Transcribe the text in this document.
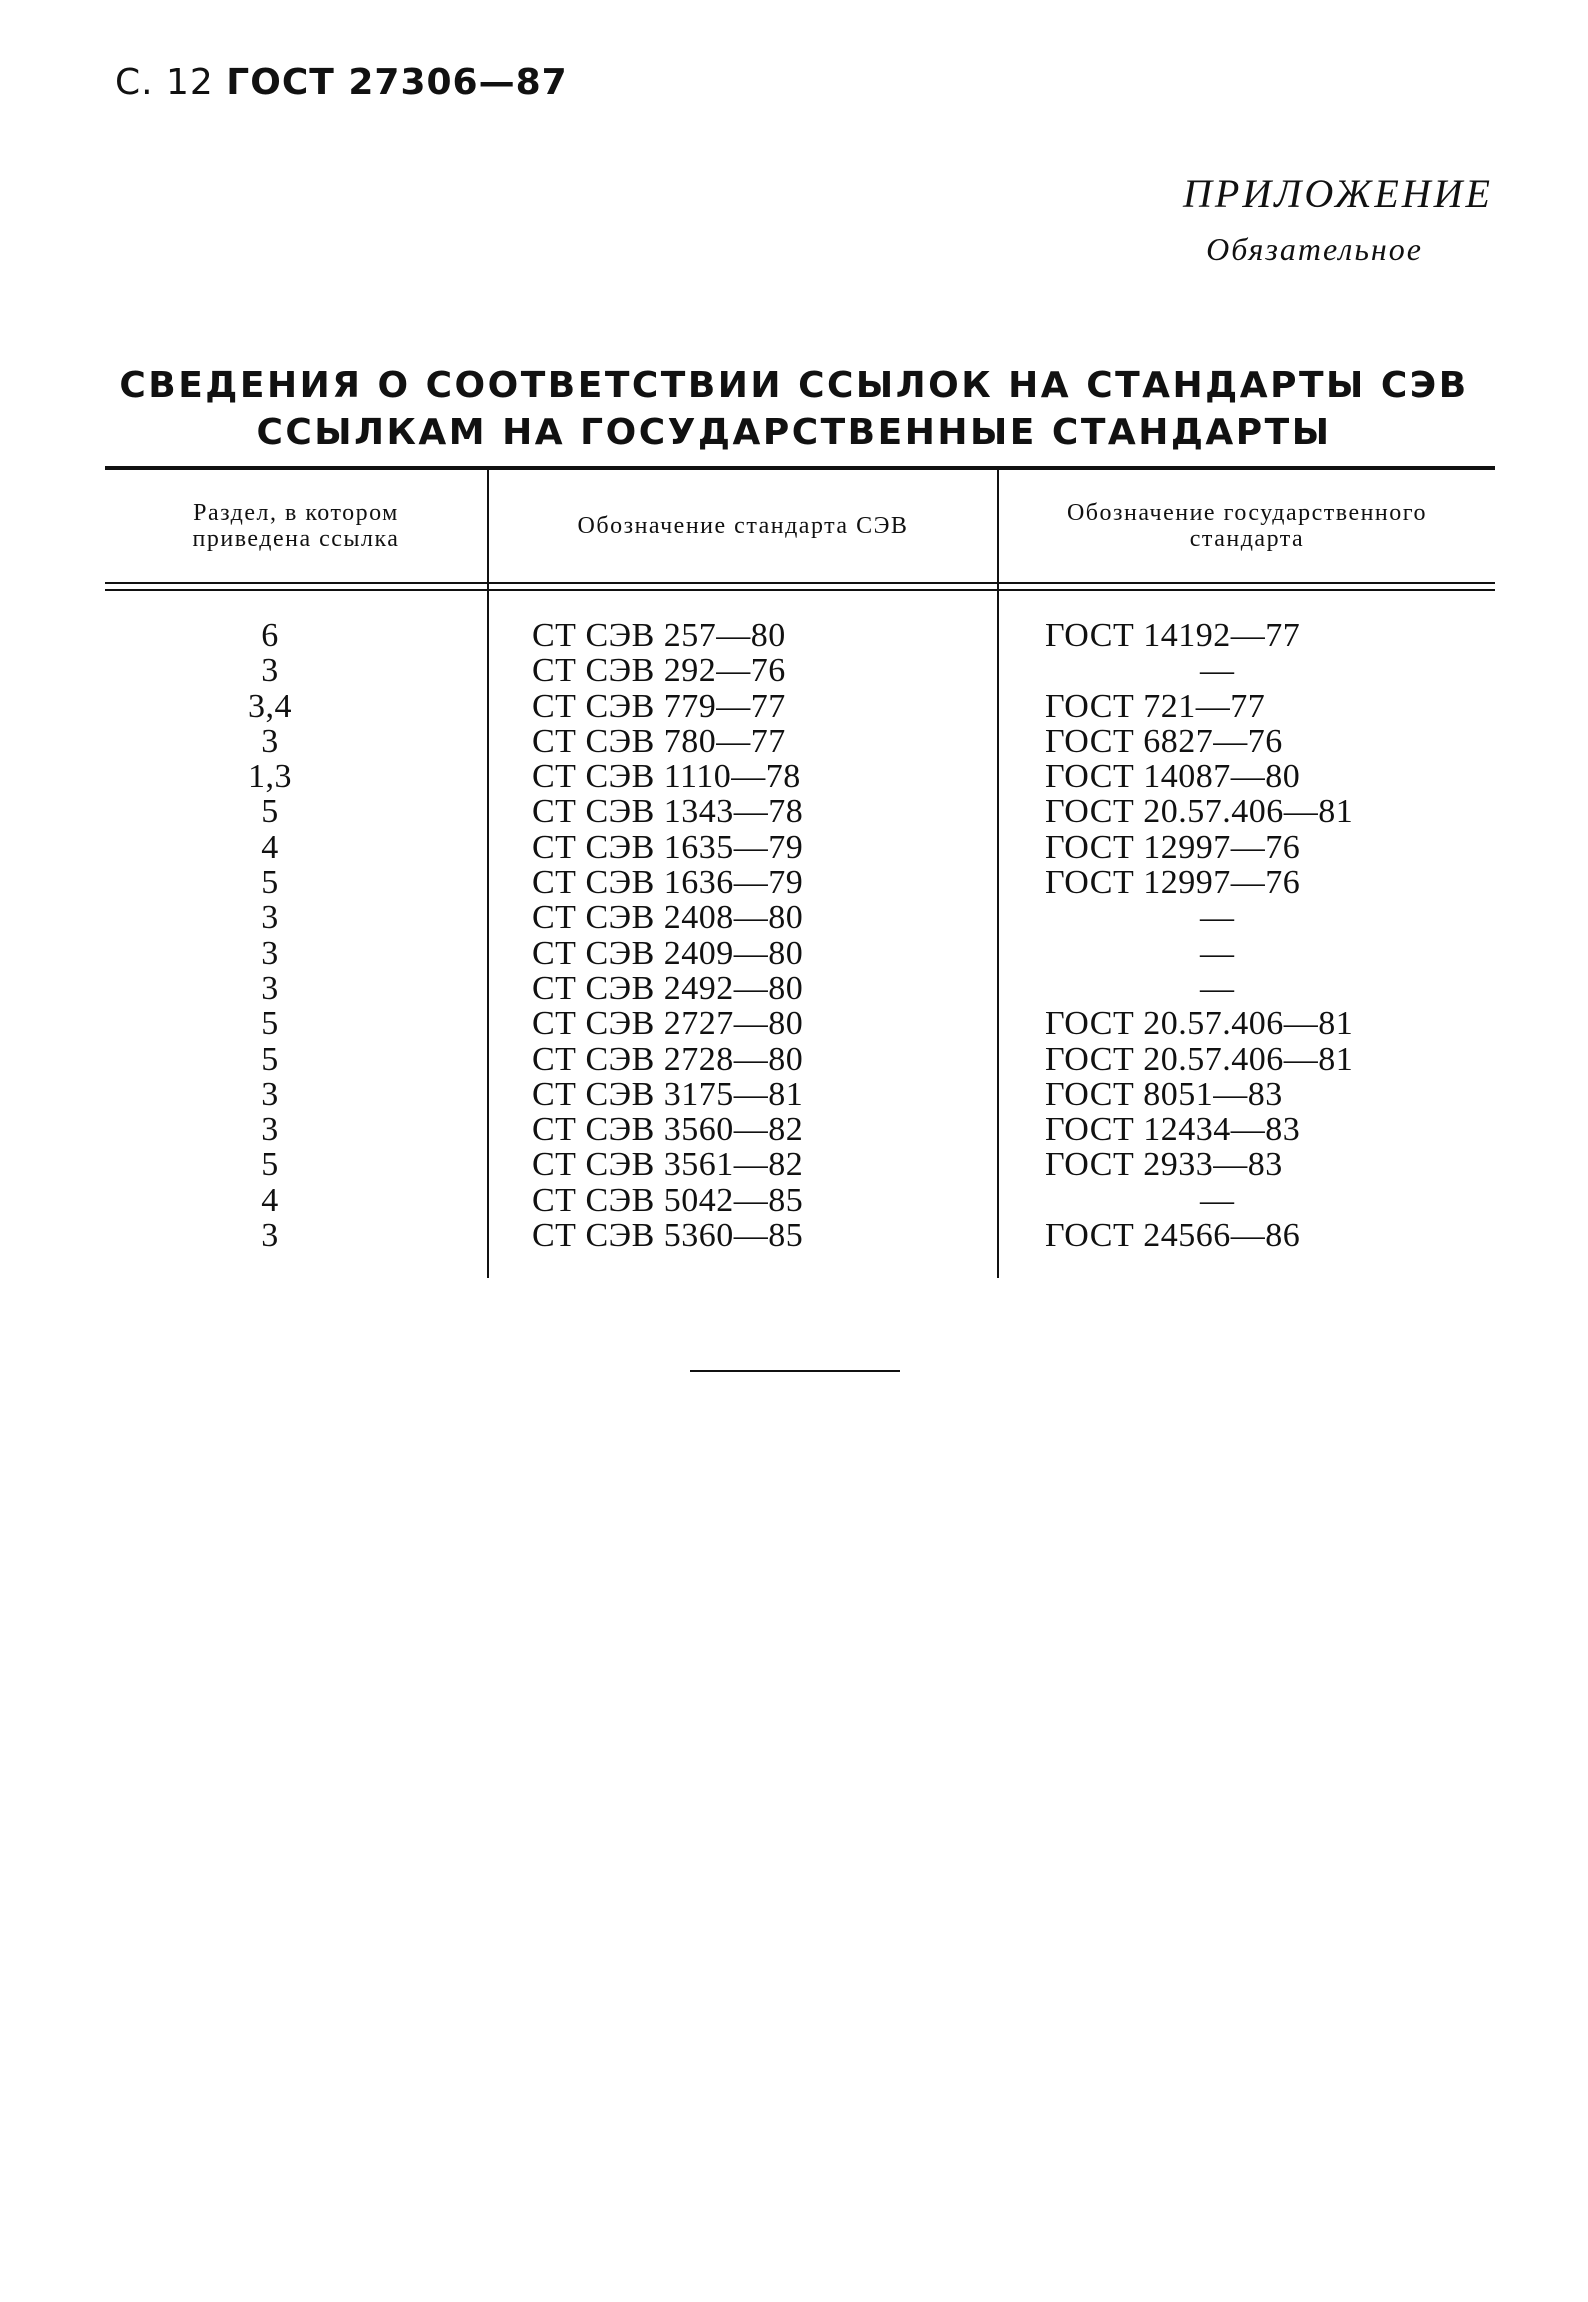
С. 12 ГОСТ 27306—87
ПРИЛОЖЕНИЕ
Обязательное
СВЕДЕНИЯ О СООТВЕТСТВИИ ССЫЛОК НА СТАНДАРТЫ СЭВ
ССЫЛКАМ НА ГОСУДАРСТВЕННЫЕ СТАНДАРТЫ
Раздел, в котором
приведена ссылка	Обозначение стандарта СЭВ	Обозначение государственного
стандарта
6	СТ СЭВ 257—80	ГОСТ 14192—77
3	СТ СЭВ 292—76	—
3,4	СТ СЭВ 779—77	ГОСТ 721—77
3	СТ СЭВ 780—77	ГОСТ 6827—76
1,3	СТ СЭВ 1110—78	ГОСТ 14087—80
5	СТ СЭВ 1343—78	ГОСТ 20.57.406—81
4	СТ СЭВ 1635—79	ГОСТ 12997—76
5	СТ СЭВ 1636—79	ГОСТ 12997—76
3	СТ СЭВ 2408—80	—
3	СТ СЭВ 2409—80	—
3	СТ СЭВ 2492—80	—
5	СТ СЭВ 2727—80	ГОСТ 20.57.406—81
5	СТ СЭВ 2728—80	ГОСТ 20.57.406—81
3	СТ СЭВ 3175—81	ГОСТ 8051—83
3	СТ СЭВ 3560—82	ГОСТ 12434—83
5	СТ СЭВ 3561—82	ГОСТ 2933—83
4	СТ СЭВ 5042—85	—
3	СТ СЭВ 5360—85	ГОСТ 24566—86
